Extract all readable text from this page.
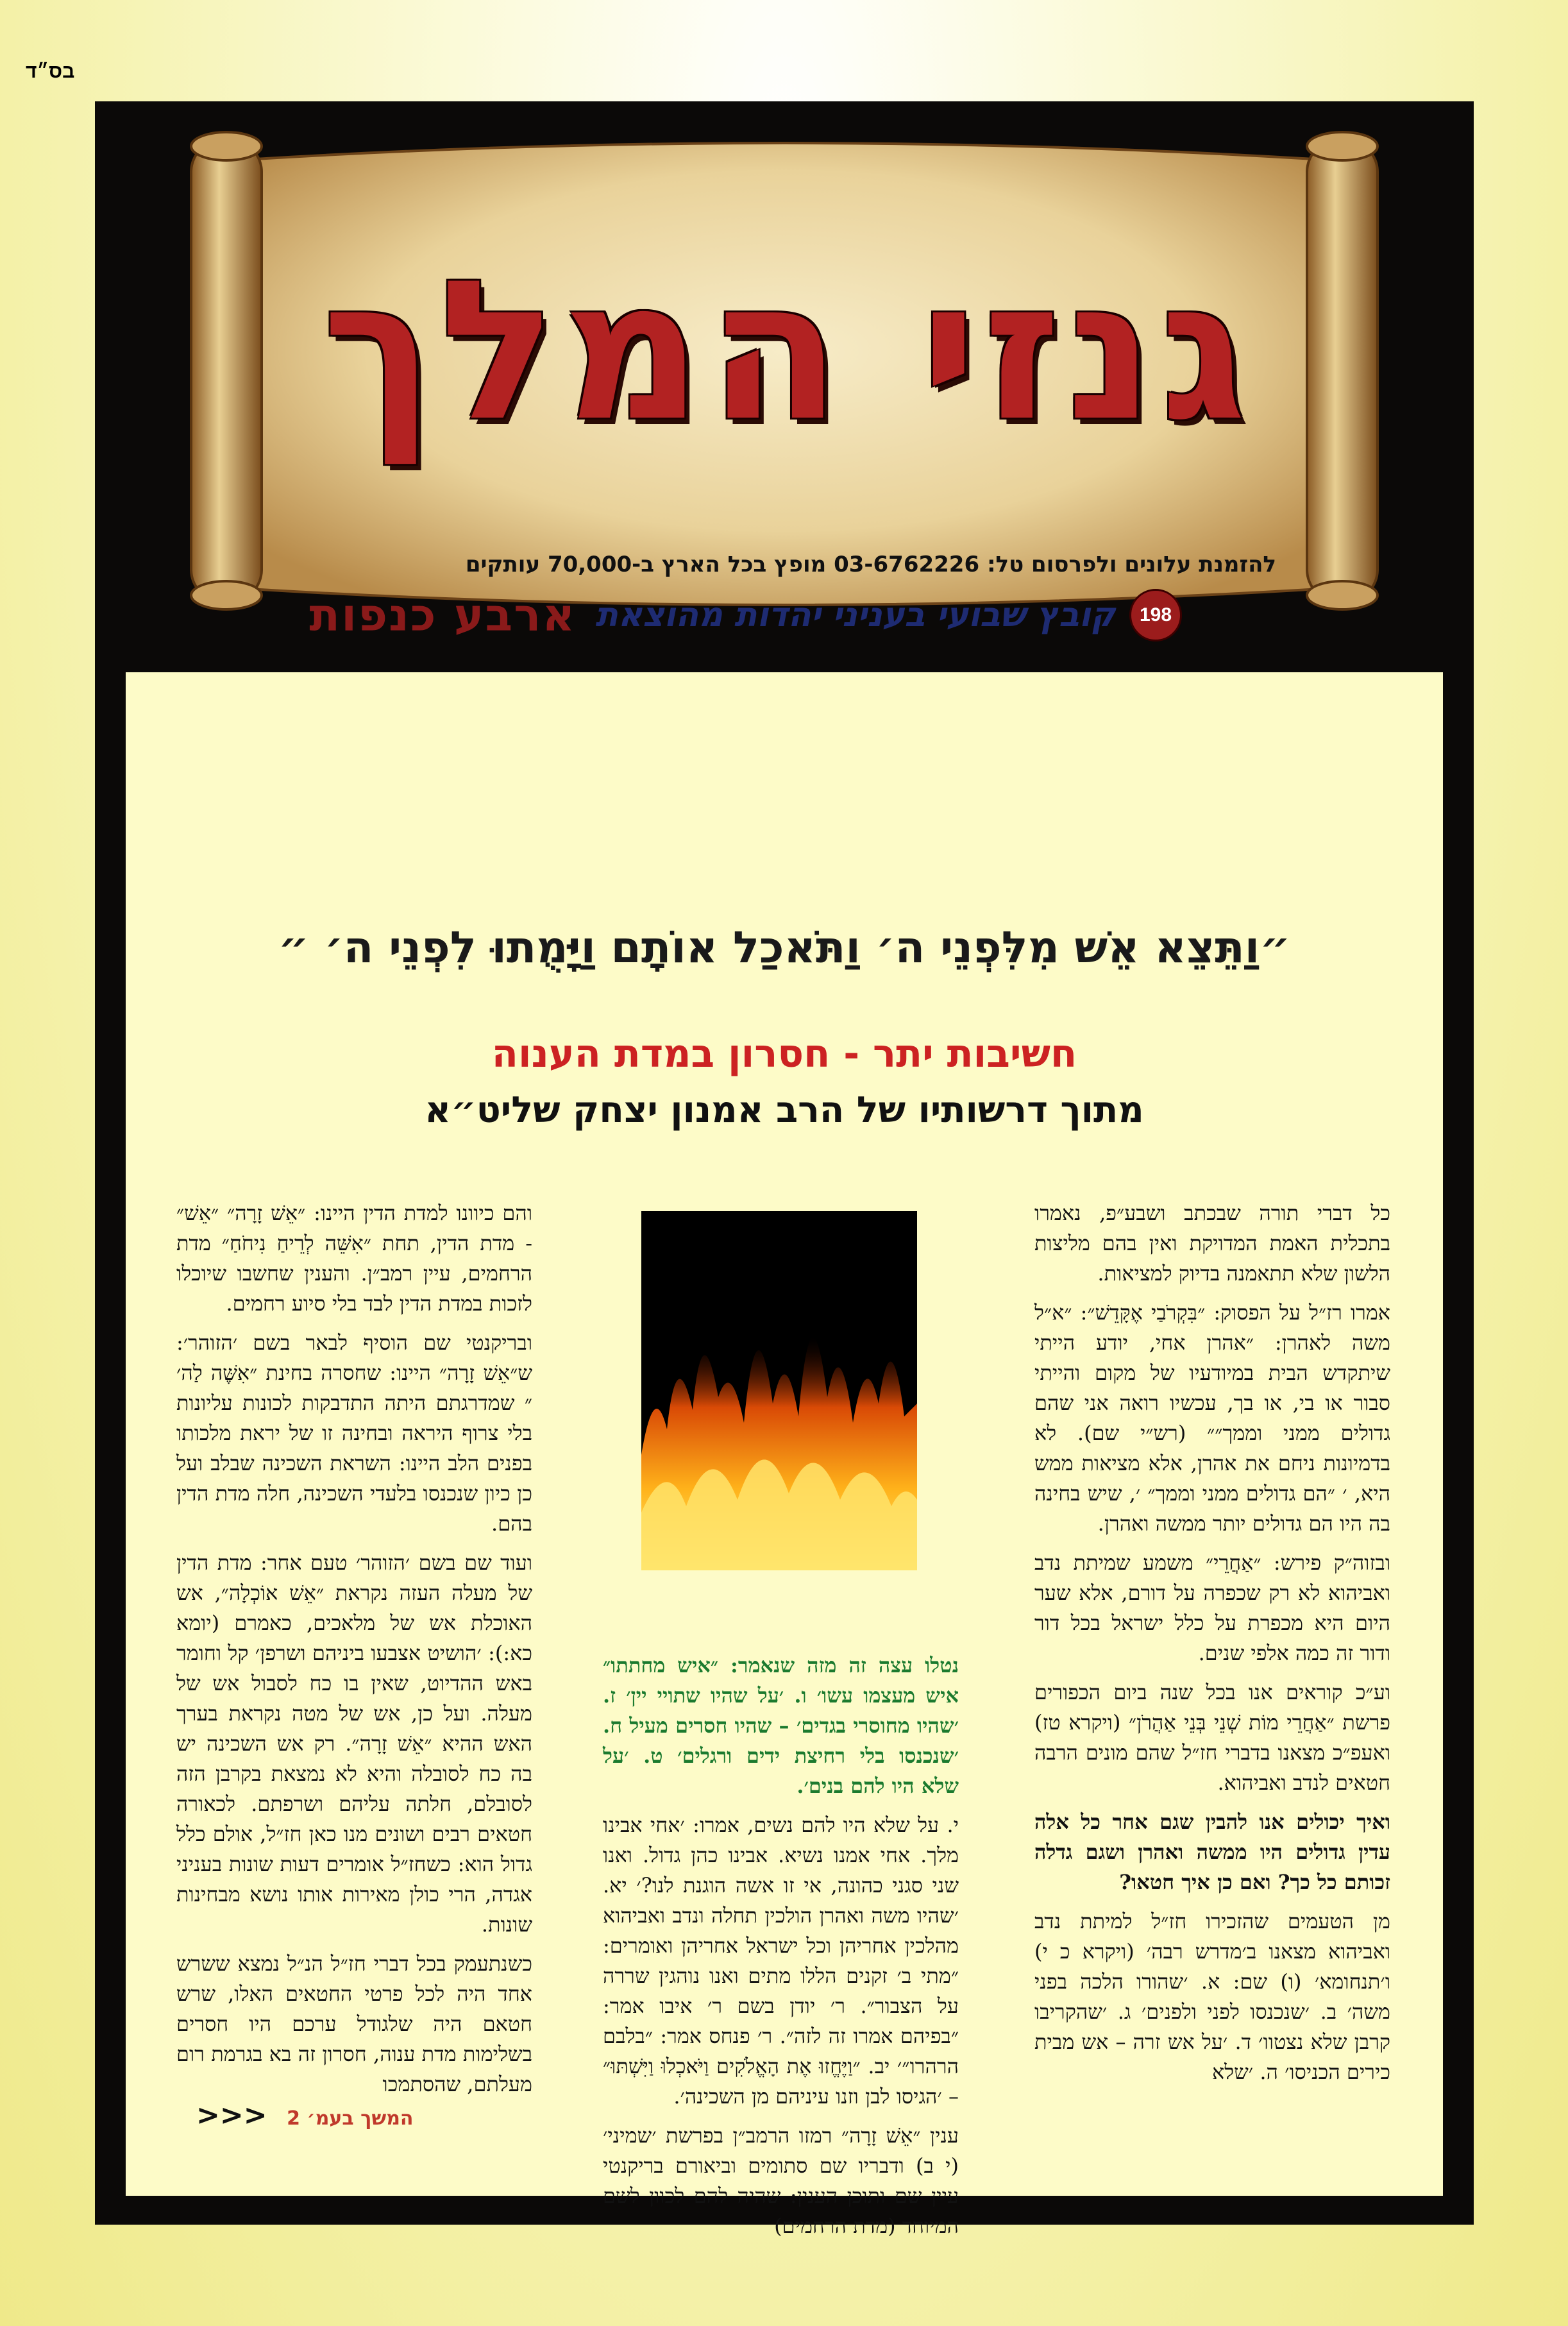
בס״ד
גנזי המלך
198
קובץ שבועי בעניני יהדות מהוצאת
ארבע כנפות
להזמנת עלונים ולפרסום טל: 03-6762226 מופץ בכל הארץ ב-70,000 עותקים
״וַתֵּצֵא אֵשׁ מִלִּפְנֵי ה׳ וַתֹּאכַל אוֹתָם וַיָּמֻתוּ לִפְנֵי ה׳ ״
חשיבות יתר - חסרון במדת הענוה
מתוך דרשותיו של הרב אמנון יצחק שליט״א

כל דברי תורה שבכתב ושבע״פ, נאמרו בתכלית האמת המדויקת ואין בהם מליצות הלשון שלא תתאמנה בדיוק למציאות.

אמרו רז״ל על הפסוק: ״בִּקְרֹבַי אֶקָּדֵשׁ״: ״א״ל משה לאהרן: ״אהרן אחי, יודע הייתי שיתקדש הבית במיודעיו של מקום והייתי סבור או בי, או בך, עכשיו רואה אני שהם גדולים ממני וממך״״ (רש״י שם). לא בדמיונות ניחם את אהרן, אלא מציאות ממש היא, ׳ ״הם גדולים ממני וממך״ ׳, שיש בחינה בה היו הם גדולים יותר ממשה ואהרן.

ובזוה״ק פירש: ״אַחֲרֵי״ משמע שמיתת נדב ואביהוא לא רק שכפרה על דורם, אלא שער היום היא מכפרת על כלל ישראל בכל דור ודור זה כמה אלפי שנים.

וע״כ קוראים אנו בכל שנה ביום הכפורים פרשת ״אַחֲרֵי מוֹת שְׁנֵי בְּנֵי אַהֲרֹן״ (ויקרא טז) ואעפ״כ מצאנו בדברי חז״ל שהם מונים הרבה חטאים לנדב ואביהוא.

ואיך יכולים אנו להבין שגם אחר כל אלה עדין גדולים היו ממשה ואהרן ושגם גדלה זכותם כל כך? ואם כן איך חטאו?

מן הטעמים שהזכירו חז״ל למיתת נדב ואביהוא מצאנו ב׳מדרש רבה׳ (ויקרא כ י) ו׳תנחומא׳ (ו) שם: א. ׳שהורו הלכה בפני משה׳ ב. ׳שנכנסו לפני ולפנים׳ ג. ׳שהקריבו קרבן שלא נצטוו׳ ד. ׳על אש זרה – אש מבית כירים הכניסו׳ ה. ׳שלא

נטלו עצה זה מזה שנאמר: ״איש מחתתו״ איש מעצמו עשו׳ ו. ׳על שהיו שתויי יין׳ ז. ׳שהיו מחוסרי בגדים׳ – שהיו חסרים מעיל ח. ׳שנכנסו בלי רחיצת ידים ורגלים׳ ט. ׳על שלא היו להם בנים׳.

י. על שלא היו להם נשים, אמרו: ׳אחי אבינו מלך. אחי אמנו נשיא. אבינו כהן גדול. ואנו שני סגני כהונה, אי זו אשה הוגנת לנו?׳ יא. ׳שהיו משה ואהרן הולכין תחלה ונדב ואביהוא מהלכין אחריהן וכל ישראל אחריהן ואומרים: ״מתי ב׳ זקנים הללו מתים ואנו נוהגין שררה על הצבור״. ר׳ יודן בשם ר׳ איבו אמר: ״בפיהם אמרו זה לזה״. ר׳ פנחס אמר: ״בלבם הרהרו״׳ יב. ״וַיֶּחֱזוּ אֶת הָאֱלֹקִים וַיֹּאכְלוּ וַיִּשְׁתּוּ״ – ׳הגיסו לבן וזנו עיניהם מן השכינה׳.

ענין ״אֵשׁ זָרָה״ רמזו הרמב״ן בפרשת ׳שמיני׳ (י ב) ודבריו שם סתומים וביאורם בריקנטי עיין שם ותוכן הענין: שהיה להם לכוון לשם המיוחד (מדת הרחמים)

והם כיוונו למדת הדין היינו: ״אֵשׁ זָרָה״ ״אֵשׁ״ - מדת הדין, תחת ״אִשֵּׁה לְרֵיחַ נִיחֹחַ״ מדת הרחמים, עיין רמב״ן. והענין שחשבו שיוכלו לזכות במדת הדין לבד בלי סיוע רחמים.

ובריקנטי שם הוסיף לבאר בשם ׳הזוהר׳: ש״אֵשׁ זָרָה״ היינו: שחסרה בחינת ״אִשֶּׁה לַה׳ ״ שמדרגתם היתה התדבקות לכונות עליונות בלי צרוף היראה ובחינה זו של יראת מלכותו בפנים הלב היינו: השראת השכינה שבלב ועל כן כיון שנכנסו בלעדי השכינה, חלה מדת הדין בהם.

ועוד שם בשם ׳הזוהר׳ טעם אחר: מדת הדין של מעלה העזה נקראת ״אֵשׁ אוֹכְלָה״, אש האוכלת אש של מלאכים, כאמרם (יומא כא:): ׳הושיט אצבעו ביניהם ושרפן׳ קל וחומר באש ההדיוט, שאין בו כח לסבול אש של מעלה. ועל כן, אש של מטה נקראת בערך האש ההיא ״אֵשׁ זָרָה״. רק אש השכינה יש בה כח לסובלה והיא לא נמצאת בקרבן הזה לסובלם, חלתה עליהם ושרפתם. לכאורה חטאים רבים ושונים מנו כאן חז״ל, אולם כלל גדול הוא: כשחז״ל אומרים דעות שונות בעניני אגדה, הרי כולן מאירות אותו נושא מבחינות שונות.

כשנתעמק בכל דברי חז״ל הנ״ל נמצא ששרש אחד היה לכל פרטי החטאים האלו, שרש חטאם היה שלגודל ערכם היו חסרים בשלימות מדת ענוה, חסרון זה בא בגרמת רום מעלתם, שהסתמכו

המשך בעמ׳ 2 <<<
